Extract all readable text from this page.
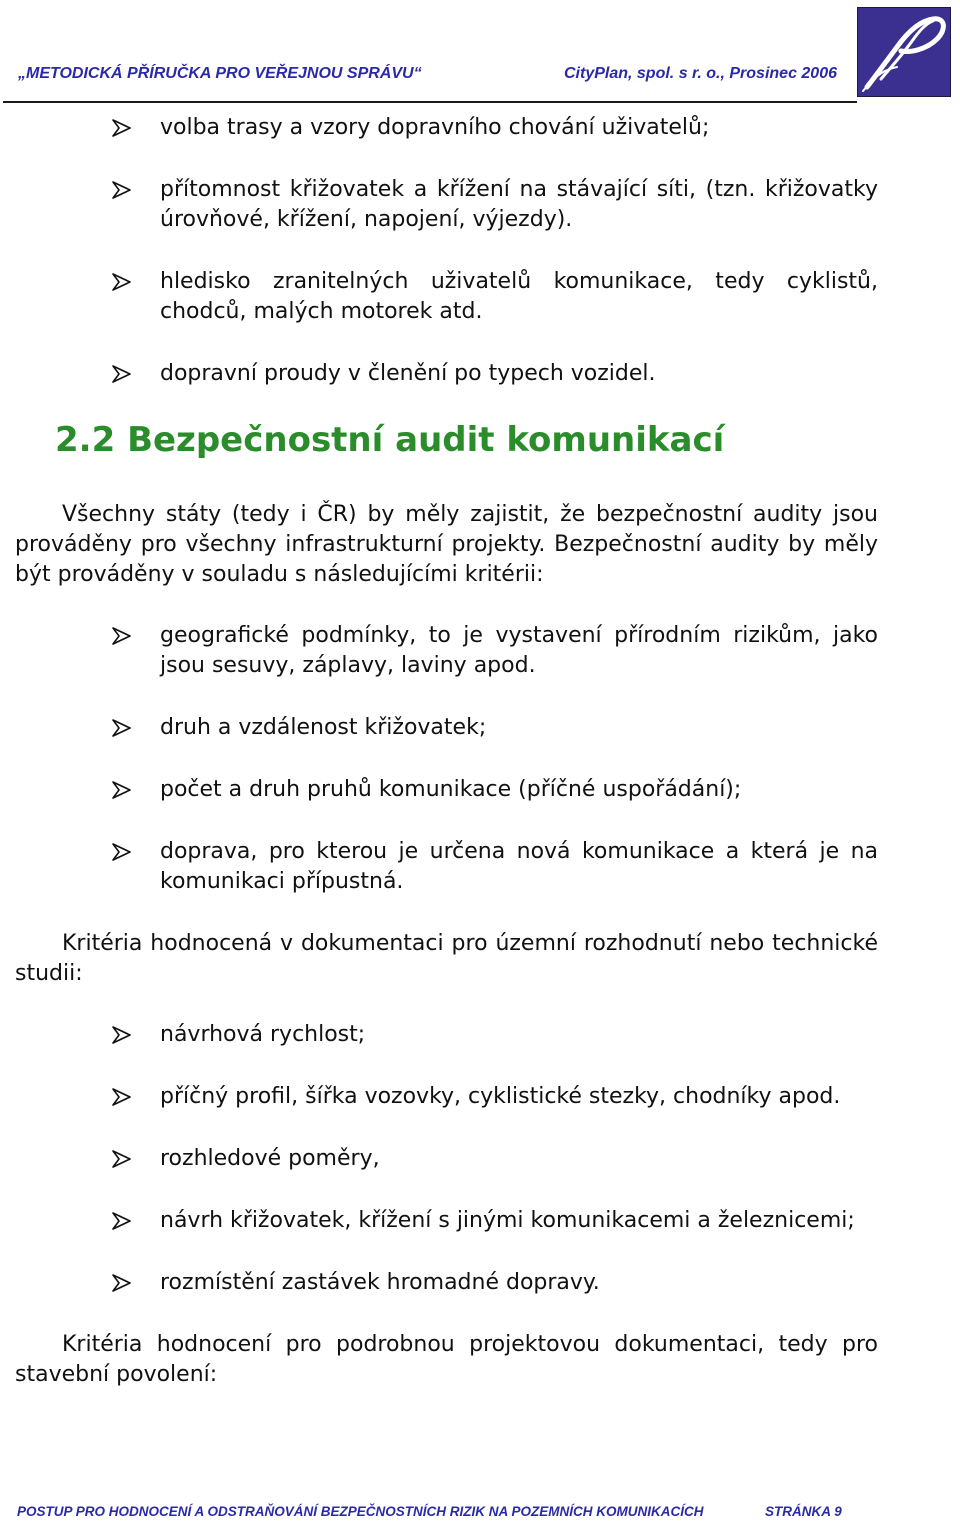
„METODICKÁ PŘÍRUČKA PRO VEŘEJNOU SPRÁVU“	CityPlan, spol. s r. o., Prosinec 2006
volba trasy a vzory dopravního chování uživatelů;
přítomnost křižovatek a křížení na stávající síti, (tzn. křižovatky úrovňové, křížení, napojení, výjezdy).
hledisko zranitelných uživatelů komunikace, tedy cyklistů, chodců, malých motorek atd.
dopravní proudy v členění po typech vozidel.
2.2 Bezpečnostní audit komunikací
Všechny státy (tedy i ČR) by měly zajistit, že bezpečnostní audity jsou prováděny pro všechny infrastrukturní projekty. Bezpečnostní audity by měly být prováděny v souladu s následujícími kritérii:
geografické podmínky, to je vystavení přírodním rizikům, jako jsou sesuvy, záplavy, laviny apod.
druh a vzdálenost křižovatek;
počet a druh pruhů komunikace (příčné uspořádání);
doprava, pro kterou je určena nová komunikace a která je na komunikaci přípustná.
Kritéria hodnocená v dokumentaci pro územní rozhodnutí nebo technické studii:
návrhová rychlost;
příčný profil, šířka vozovky, cyklistické stezky, chodníky apod.
rozhledové poměry,
návrh křižovatek, křížení s jinými komunikacemi a železnicemi;
rozmístění zastávek hromadné dopravy.
Kritéria hodnocení pro podrobnou projektovou dokumentaci, tedy pro stavební povolení:
POSTUP PRO HODNOCENÍ A ODSTRAŇOVÁNÍ BEZPEČNOSTNÍCH RIZIK NA POZEMNÍCH KOMUNIKACÍCH	STRÁNKA 9
